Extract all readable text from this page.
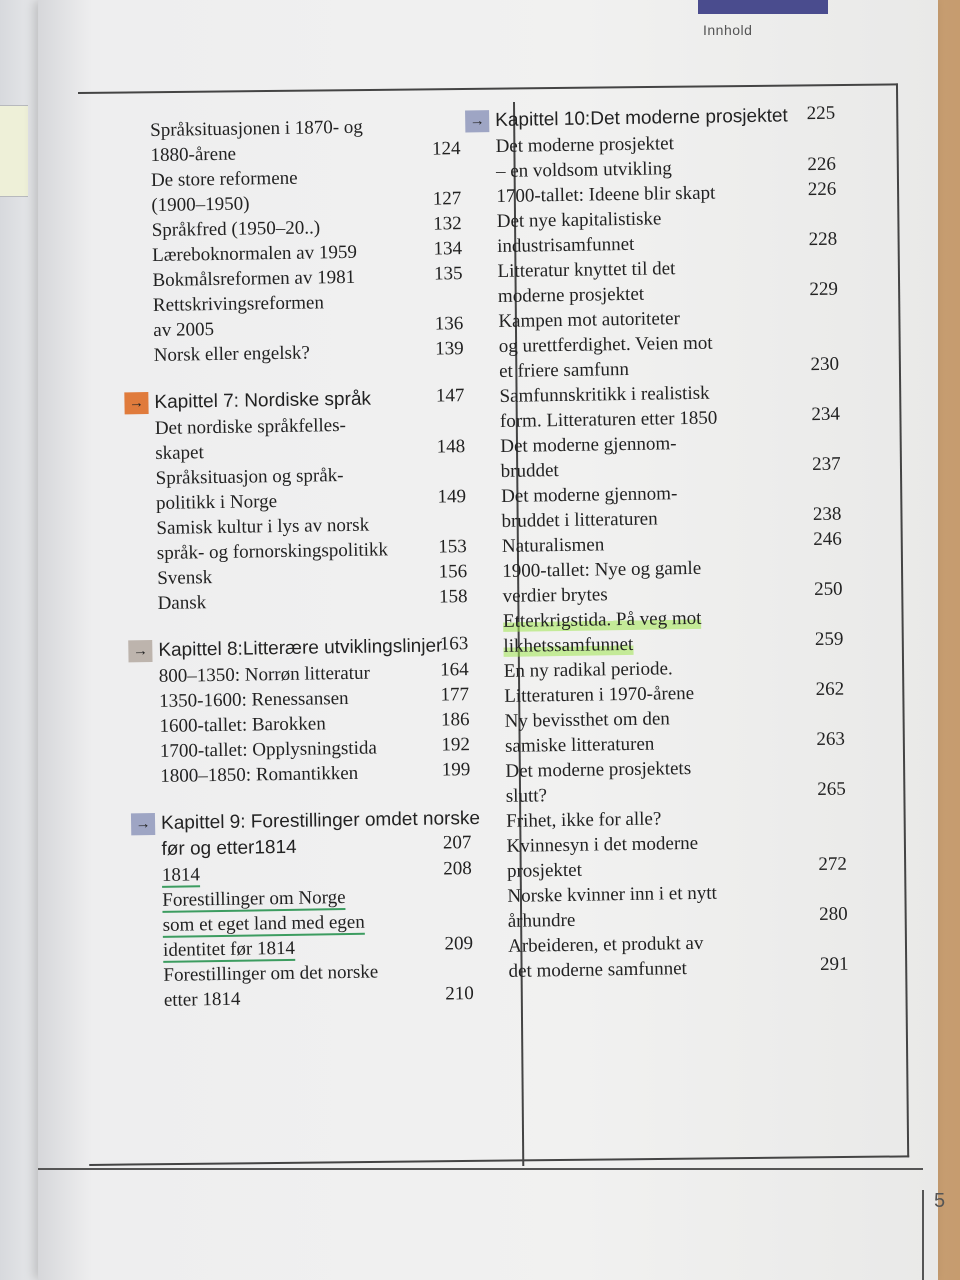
Innhold
5
Språksituasjonen i 1870- og
1880-årene	124
De store reformene
(1900–1950)	127
Språkfred (1950–20..)	132
Læreboknormalen av 1959	134
Bokmålsreformen av 1981	135
Rettskrivingsreformen
av 2005	136
Norsk eller engelsk?	139
→ Kapittel 7: Nordiske språk	147
Det nordiske språkfelles-
skapet	148
Språksituasjon og språk-
politikk i Norge	149
Samisk kultur i lys av norsk
språk- og fornorskingspolitikk	153
Svensk	156
Dansk	158
→ Kapittel 8:Litterære utviklingslinjer
163
800–1350: Norrøn litteratur	164
1350-1600: Renessansen	177
1600-tallet: Barokken	186
1700-tallet: Opplysningstida	192
1800–1850: Romantikken	199
→ Kapittel 9: Forestillinger omdet norske før og etter1814	207
1814	208
Forestillinger om Norge
som et eget land med egen
identitet før 1814	209
Forestillinger om det norske
etter 1814	210
→ Kapittel 10:Det moderne prosjektet 225
Det moderne prosjektet
– en voldsom utvikling	226
1700-tallet: Ideene blir skapt	226
Det nye kapitalistiske
industrisamfunnet	228
Litteratur knyttet til det
moderne prosjektet	229
Kampen mot autoriteter
og urettferdighet. Veien mot
et friere samfunn	230
Samfunnskritikk i realistisk
form. Litteraturen etter 1850	234
Det moderne gjennom-
bruddet	237
Det moderne gjennom-
bruddet i litteraturen	238
Naturalismen	246
1900-tallet: Nye og gamle
verdier brytes	250
Etterkrigstida. På veg mot
likhetssamfunnet	259
En ny radikal periode.
Litteraturen i 1970-årene	262
Ny bevissthet om den
samiske litteraturen	263
Det moderne prosjektets
slutt?	265
Frihet, ikke for alle?
Kvinnesyn i det moderne
prosjektet	272
Norske kvinner inn i et nytt
århundre	280
Arbeideren, et produkt av
det moderne samfunnet	291
